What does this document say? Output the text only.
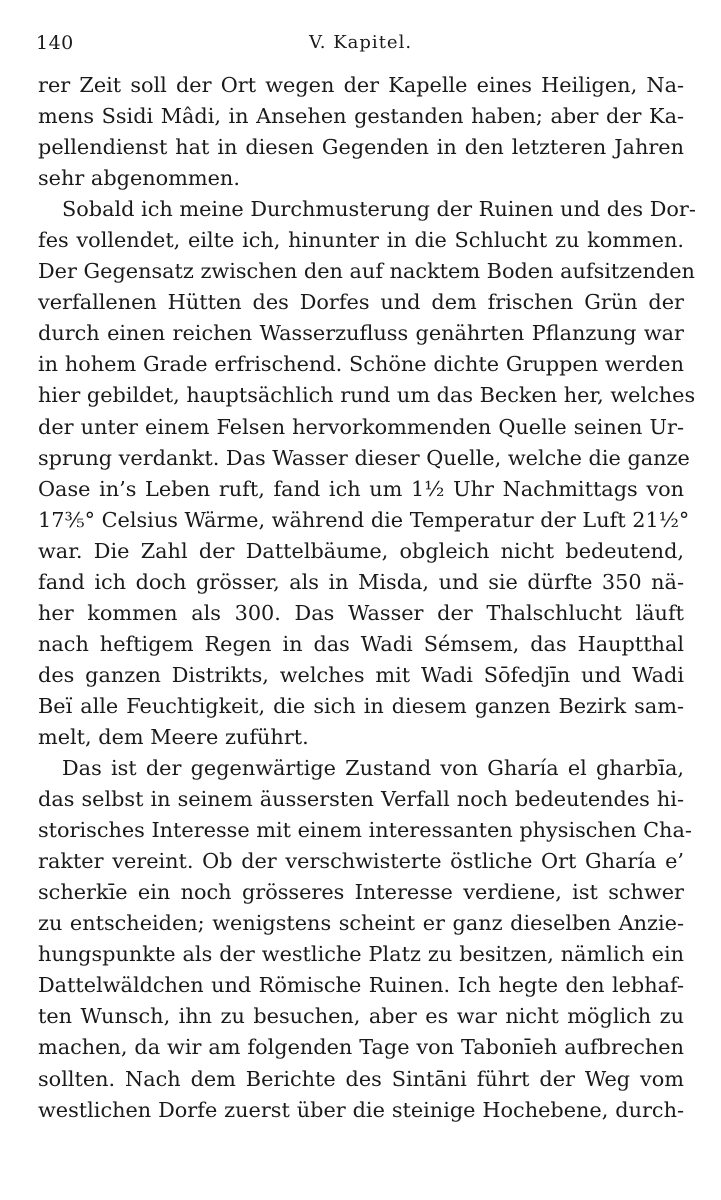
140	V. Kapitel.
rer Zeit soll der Ort wegen der Kapelle eines Heiligen, Na-
mens Ssidi Mâdi, in Ansehen gestanden haben; aber der Ka-
pellendienst hat in diesen Gegenden in den letzteren Jahren
sehr abgenommen.
Sobald ich meine Durchmusterung der Ruinen und des Dor-
fes vollendet, eilte ich, hinunter in die Schlucht zu kommen.
Der Gegensatz zwischen den auf nacktem Boden aufsitzenden
verfallenen Hütten des Dorfes und dem frischen Grün der
durch einen reichen Wasserzufluss genährten Pflanzung war
in hohem Grade erfrischend. Schöne dichte Gruppen werden
hier gebildet, hauptsächlich rund um das Becken her, welches
der unter einem Felsen hervorkommenden Quelle seinen Ur-
sprung verdankt. Das Wasser dieser Quelle, welche die ganze
Oase in’s Leben ruft, fand ich um 1½ Uhr Nachmittags von
17⅗° Celsius Wärme, während die Temperatur der Luft 21½°
war. Die Zahl der Dattelbäume, obgleich nicht bedeutend,
fand ich doch grösser, als in Misda, und sie dürfte 350 nä-
her kommen als 300. Das Wasser der Thalschlucht läuft
nach heftigem Regen in das Wadi Sémsem, das Hauptthal
des ganzen Distrikts, welches mit Wadi Sōfedjīn und Wadi
Beï alle Feuchtigkeit, die sich in diesem ganzen Bezirk sam-
melt, dem Meere zuführt.
Das ist der gegenwärtige Zustand von Gharía el gharbīa,
das selbst in seinem äussersten Verfall noch bedeutendes hi-
storisches Interesse mit einem interessanten physischen Cha-
rakter vereint. Ob der verschwisterte östliche Ort Gharía e’
scherkīe ein noch grösseres Interesse verdiene, ist schwer
zu entscheiden; wenigstens scheint er ganz dieselben Anzie-
hungspunkte als der westliche Platz zu besitzen, nämlich ein
Dattelwäldchen und Römische Ruinen. Ich hegte den lebhaf-
ten Wunsch, ihn zu besuchen, aber es war nicht möglich zu
machen, da wir am folgenden Tage von Tabonīeh aufbrechen
sollten. Nach dem Berichte des Sintāni führt der Weg vom
westlichen Dorfe zuerst über die steinige Hochebene, durch-
